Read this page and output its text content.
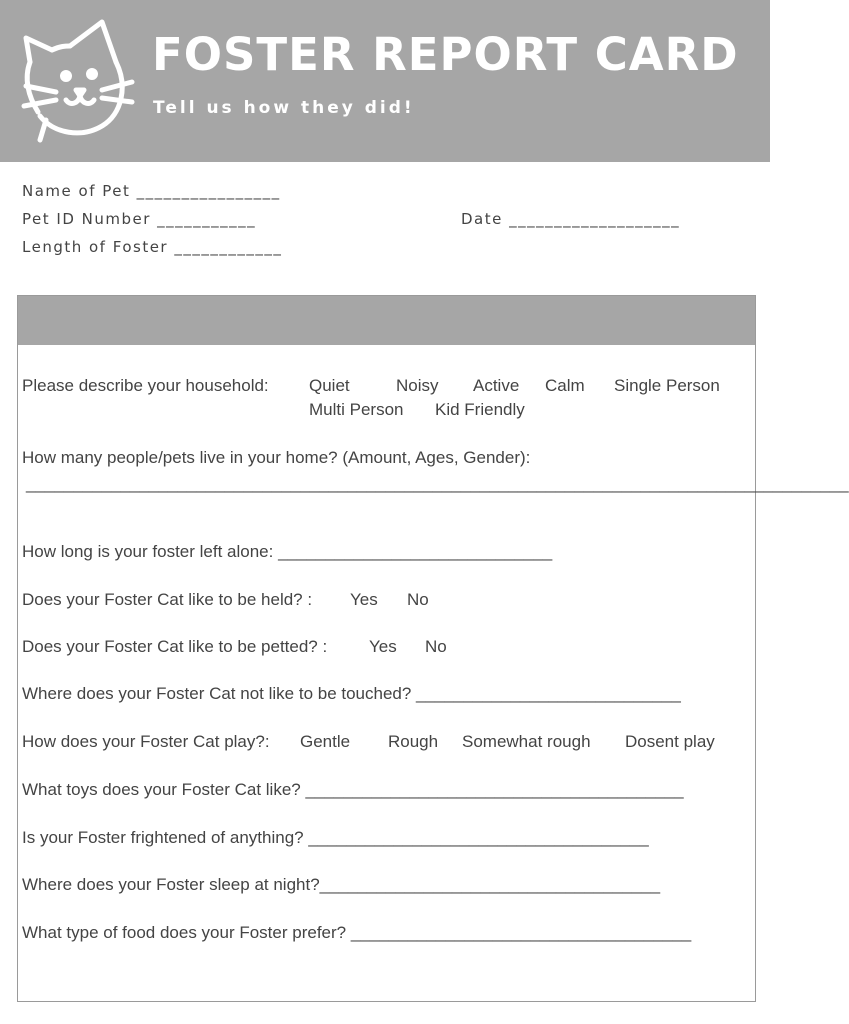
FOSTER REPORT CARD
Tell us how they did!
Name of Pet ________________
Pet ID Number ___________	Date ___________________
Length of Foster ____________
Please describe your household: Quiet	Noisy Active Calm Single Person
Multi Person Kid Friendly
How many people/pets live in your home? (Amount, Ages, Gender):
_______________________________________________________________________________________
How long is your foster left alone: _____________________________
Does your Foster Cat like to be held? : Yes No
Does your Foster Cat like to be petted? : Yes No
Where does your Foster Cat not like to be touched? ____________________________
How does your Foster Cat play?: Gentle Rough Somewhat rough Dosent play
What toys does your Foster Cat like? ________________________________________
Is your Foster frightened of anything? ____________________________________
Where does your Foster sleep at night?____________________________________
What type of food does your Foster prefer? ____________________________________
